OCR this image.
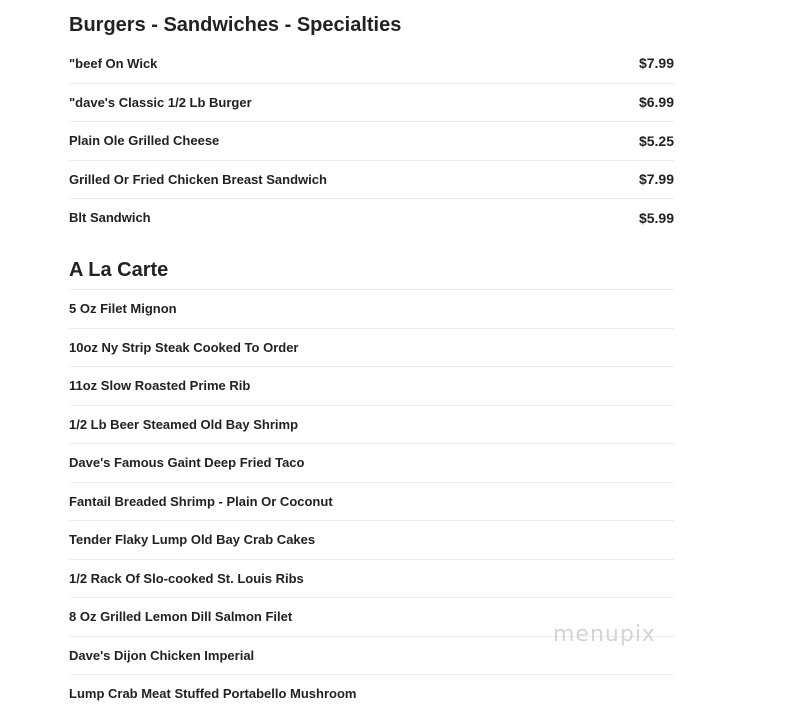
Burgers - Sandwiches - Specialties
"beef On Wick	$7.99
"dave's Classic 1/2 Lb Burger	$6.99
Plain Ole Grilled Cheese	$5.25
Grilled Or Fried Chicken Breast Sandwich	$7.99
Blt Sandwich	$5.99
A La Carte
5 Oz Filet Mignon
10oz Ny Strip Steak Cooked To Order
11oz Slow Roasted Prime Rib
1/2 Lb Beer Steamed Old Bay Shrimp
Dave's Famous Gaint Deep Fried Taco
Fantail Breaded Shrimp - Plain Or Coconut
Tender Flaky Lump Old Bay Crab Cakes
1/2 Rack Of Slo-cooked St. Louis Ribs
8 Oz Grilled Lemon Dill Salmon Filet
Dave's Dijon Chicken Imperial
Lump Crab Meat Stuffed Portabello Mushroom
menupix
